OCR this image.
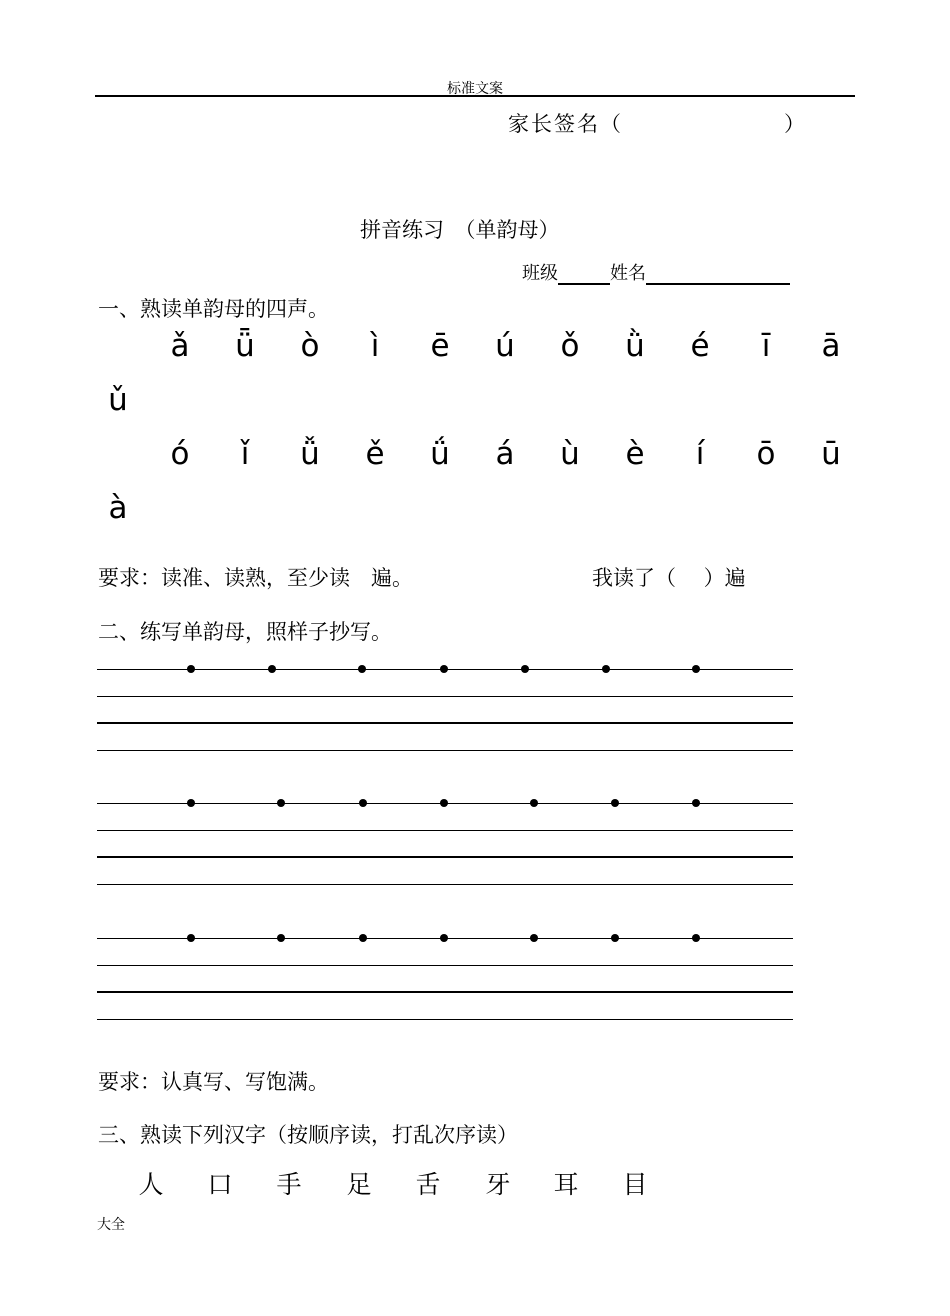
标准文案
家长签名（　　　　　　　）
拼音练习　（单韵母）
班级	姓名
一、熟读单韵母的四声。
ǎ	ǖ	ò	ì	ē	ú	ǒ	ǜ	é	ī	ā
ǔ
ó	ǐ	ǚ	ě	ǘ	á	ù	è	í	ō	ū
à
要求：读准、读熟，至少读　遍。	我读了（　 ）遍
二、练写单韵母，照样子抄写。
要求：认真写、写饱满。
三、熟读下列汉字（按顺序读，打乱次序读）
人	口	手	足	舌	牙	耳	目
大全
